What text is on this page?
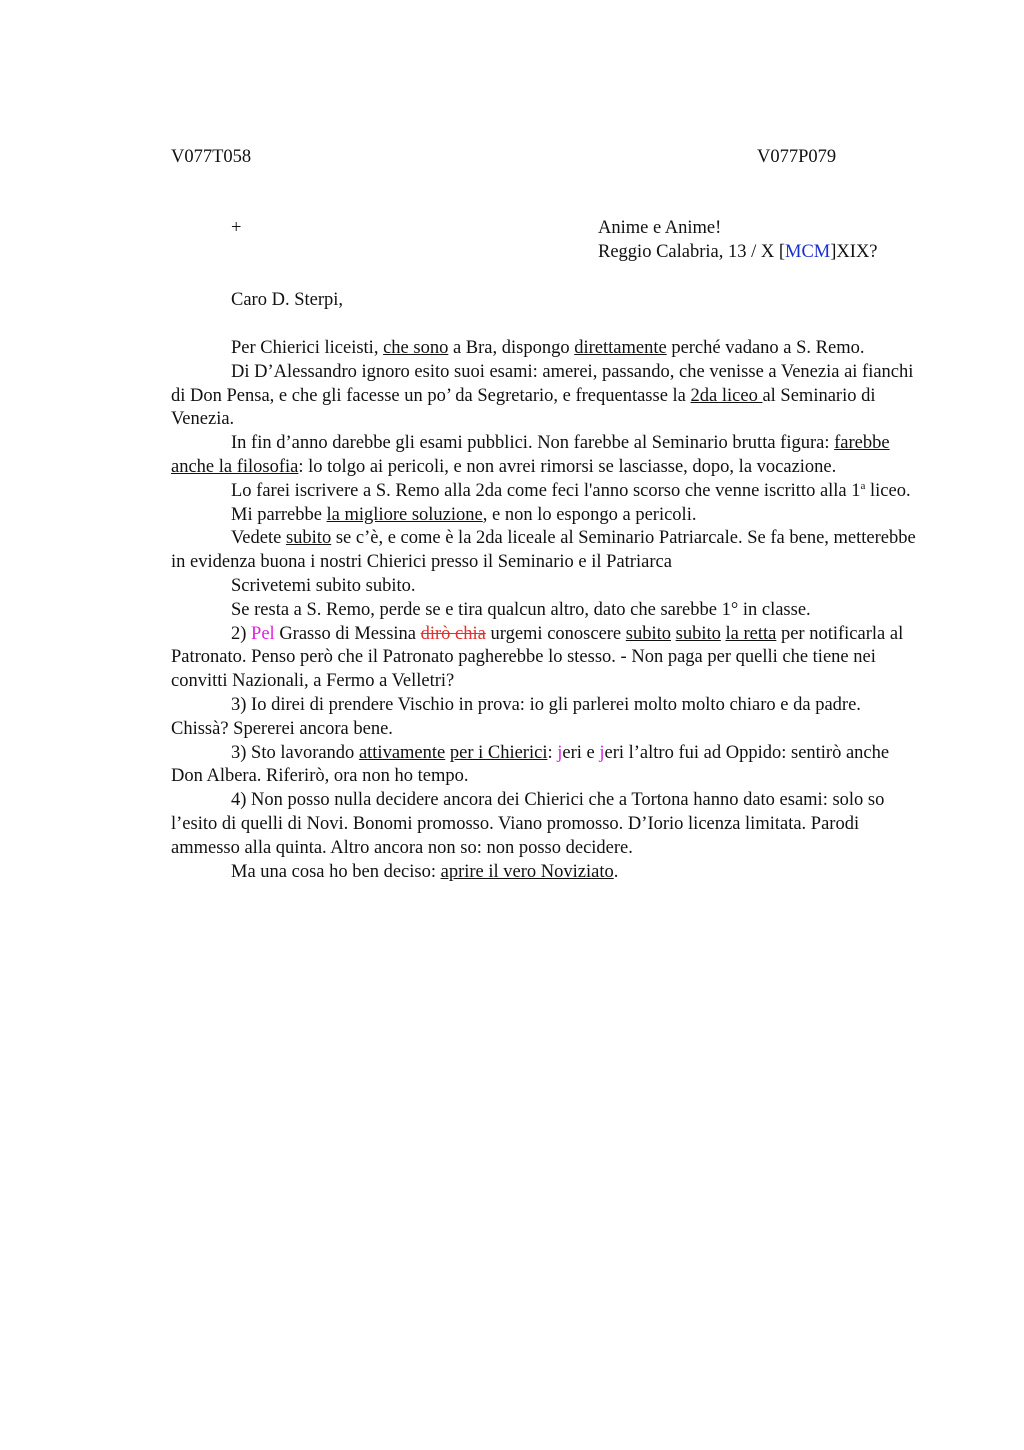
V077T058	V077P079
+	Anime e Anime!
Reggio Calabria, 13 / X [MCM]XIX?
Caro D. Sterpi,

Per Chierici liceisti, che sono a Bra, dispongo direttamente perché vadano a S. Remo.

Di D’Alessandro ignoro esito suoi esami: amerei, passando, che venisse a Venezia ai fianchi di Don Pensa, e che gli facesse un po’ da Segretario, e frequentasse la 2da liceo al Seminario di Venezia.

In fin d’anno darebbe gli esami pubblici. Non farebbe al Seminario brutta figura: farebbe anche la filosofia: lo tolgo ai pericoli, e non avrei rimorsi se lasciasse, dopo, la vocazione.

Lo farei iscrivere a S. Remo alla 2da come feci l'anno scorso che venne iscritto alla 1$^a$ liceo.

Mi parrebbe la migliore soluzione, e non lo espongo a pericoli.

Vedete subito se c’è, e come è la 2da liceale al Seminario Patriarcale. Se fa bene, metterebbe in evidenza buona i nostri Chierici presso il Seminario e il Patriarca

Scrivetemi subito subito.

Se resta a S. Remo, perde se e tira qualcun altro, dato che sarebbe 1° in classe.

2) Pel Grasso di Messina dirò chia urgemi conoscere subito subito la retta per notificarla al Patronato. Penso però che il Patronato pagherebbe lo stesso. - Non paga per quelli che tiene nei convitti Nazionali, a Fermo a Velletri?

3) Io direi di prendere Vischio in prova: io gli parlerei molto molto chiaro e da padre. Chissà? Spererei ancora bene.

3) Sto lavorando attivamente per i Chierici: jeri e jeri l’altro fui ad Oppido: sentirò anche Don Albera. Riferirò, ora non ho tempo.

4) Non posso nulla decidere ancora dei Chierici che a Tortona hanno dato esami: solo so l’esito di quelli di Novi. Bonomi promosso. Viano promosso. D’Iorio licenza limitata. Parodi ammesso alla quinta. Altro ancora non so: non posso decidere.

Ma una cosa ho ben deciso: aprire il vero Noviziato.
